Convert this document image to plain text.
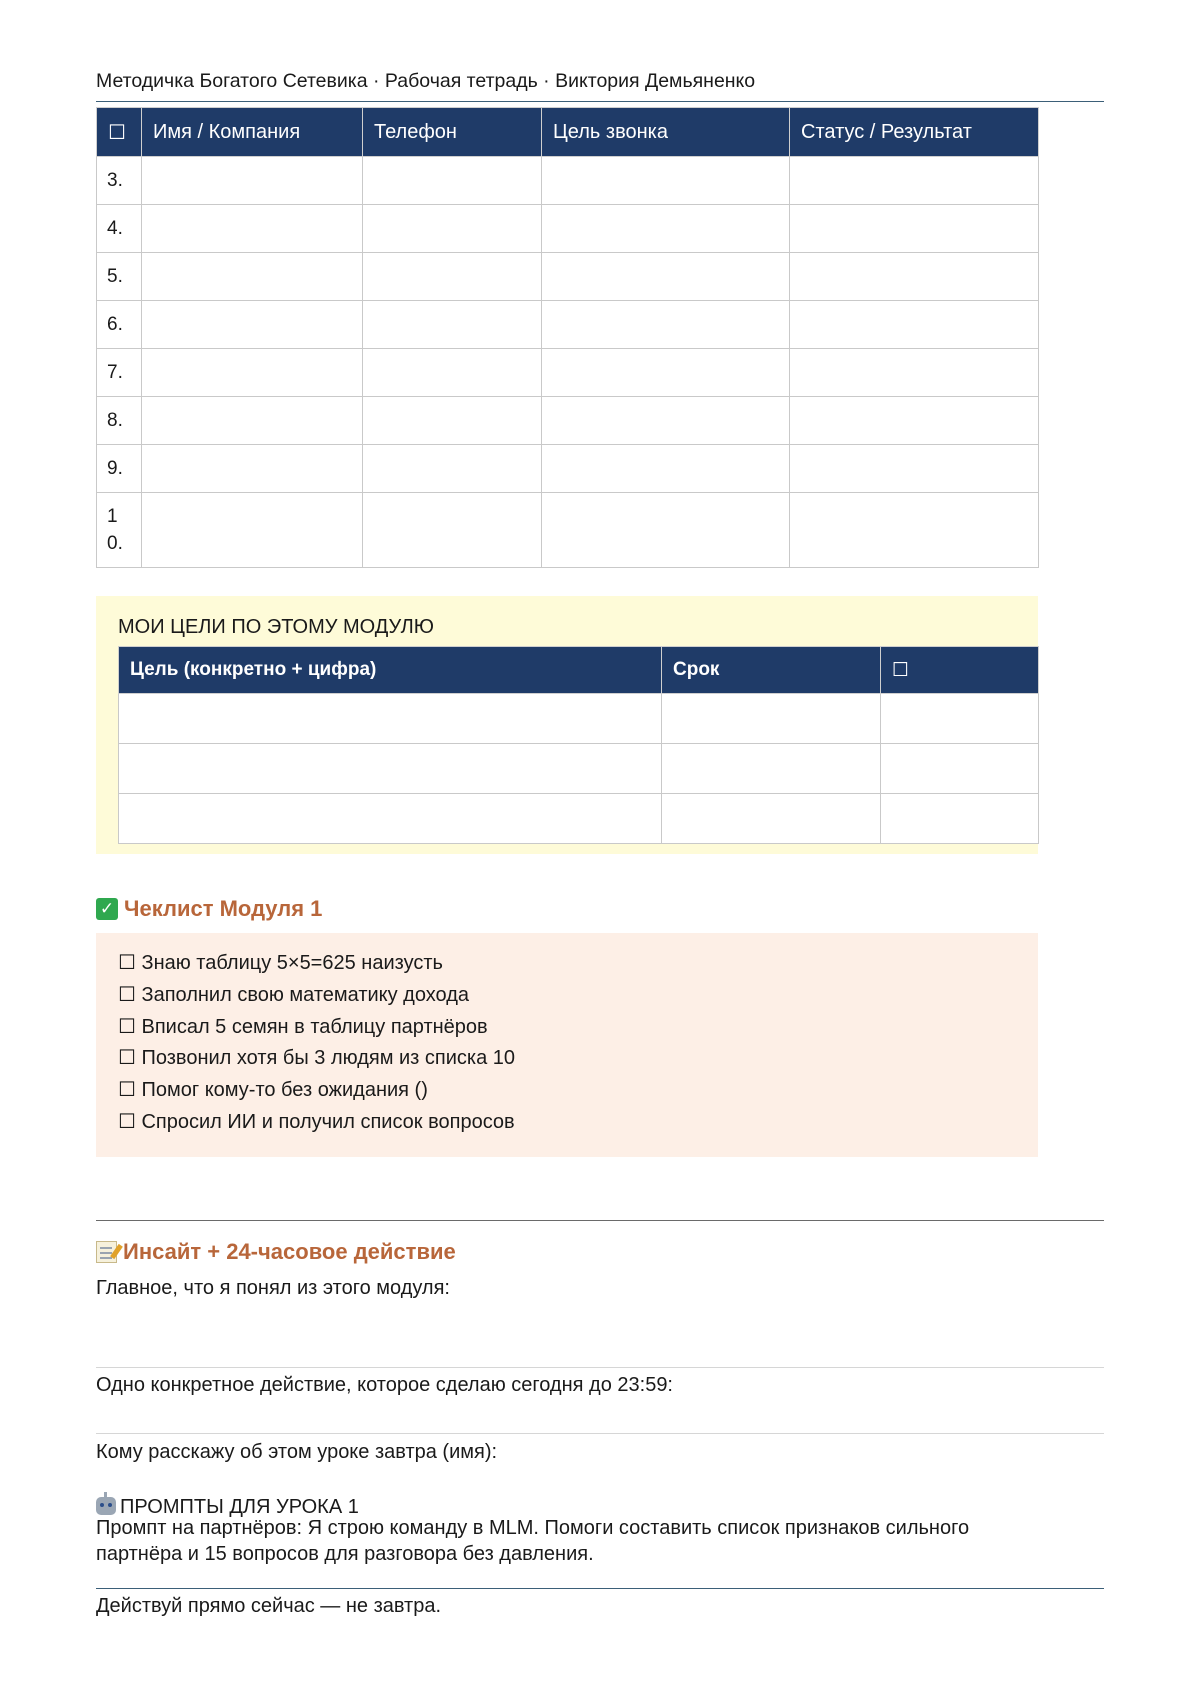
Методичка Богатого Сетевика · Рабочая тетрадь · Виктория Демьяненко
☐	Имя / Компания	Телефон	Цель звонка	Статус / Результат
3.				
4.				
5.				
6.				
7.				
8.				
9.				
1
0.				
МОИ ЦЕЛИ ПО ЭТОМУ МОДУЛЮ
Цель (конкретно + цифра)	Срок	☐

✓ Чеклист Модуля 1
☐ Знаю таблицу 5×5=625 наизусть
☐ Заполнил свою математику дохода
☐ Вписал 5 семян в таблицу партнёров
☐ Позвонил хотя бы 3 людям из списка 10
☐ Помог кому-то без ожидания ()
☐ Спросил ИИ и получил список вопросов
Инсайт + 24-часовое действие
Главное, что я понял из этого модуля:
Одно конкретное действие, которое сделаю сегодня до 23:59:
Кому расскажу об этом уроке завтра (имя):
ПРОМПТЫ ДЛЯ УРОКА 1
Промпт на партнёров: Я строю команду в MLM. Помоги составить список признаков сильного партнёра и 15 вопросов для разговора без давления.
Действуй прямо сейчас — не завтра.
